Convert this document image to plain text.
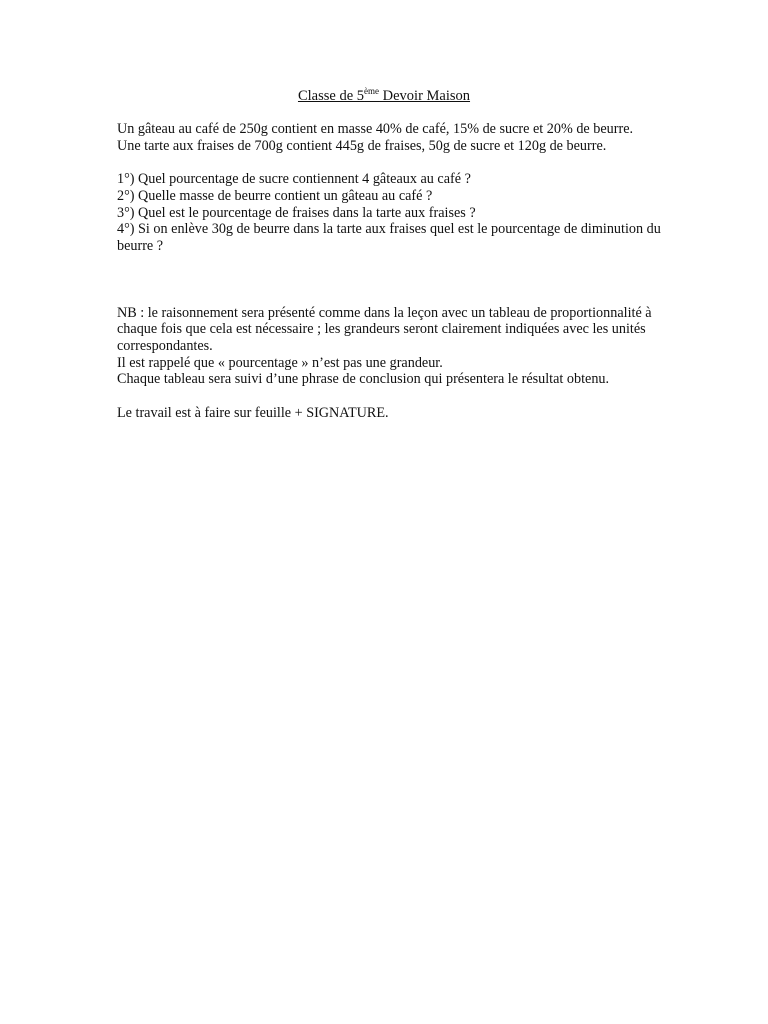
Classe de 5ème Devoir Maison

Un gâteau au café de 250g contient en masse 40% de café, 15% de sucre et 20% de beurre.

Une tarte aux fraises de 700g contient 445g de fraises, 50g de sucre et 120g de beurre.

1°) Quel pourcentage de sucre contiennent 4 gâteaux au café ?

2°) Quelle masse de beurre contient un gâteau au café ?

3°) Quel est le pourcentage de fraises dans la tarte aux fraises ?

4°) Si on enlève 30g de beurre dans la tarte aux fraises quel est le pourcentage de diminution du beurre ?

NB : le raisonnement sera présenté comme dans la leçon avec un tableau de proportionnalité à chaque fois que cela est nécessaire ; les grandeurs seront clairement indiquées avec les unités correspondantes.

Il est rappelé que « pourcentage » n’est pas une grandeur.

Chaque tableau sera suivi d’une phrase de conclusion qui présentera le résultat obtenu.

Le travail est à faire sur feuille + SIGNATURE.
